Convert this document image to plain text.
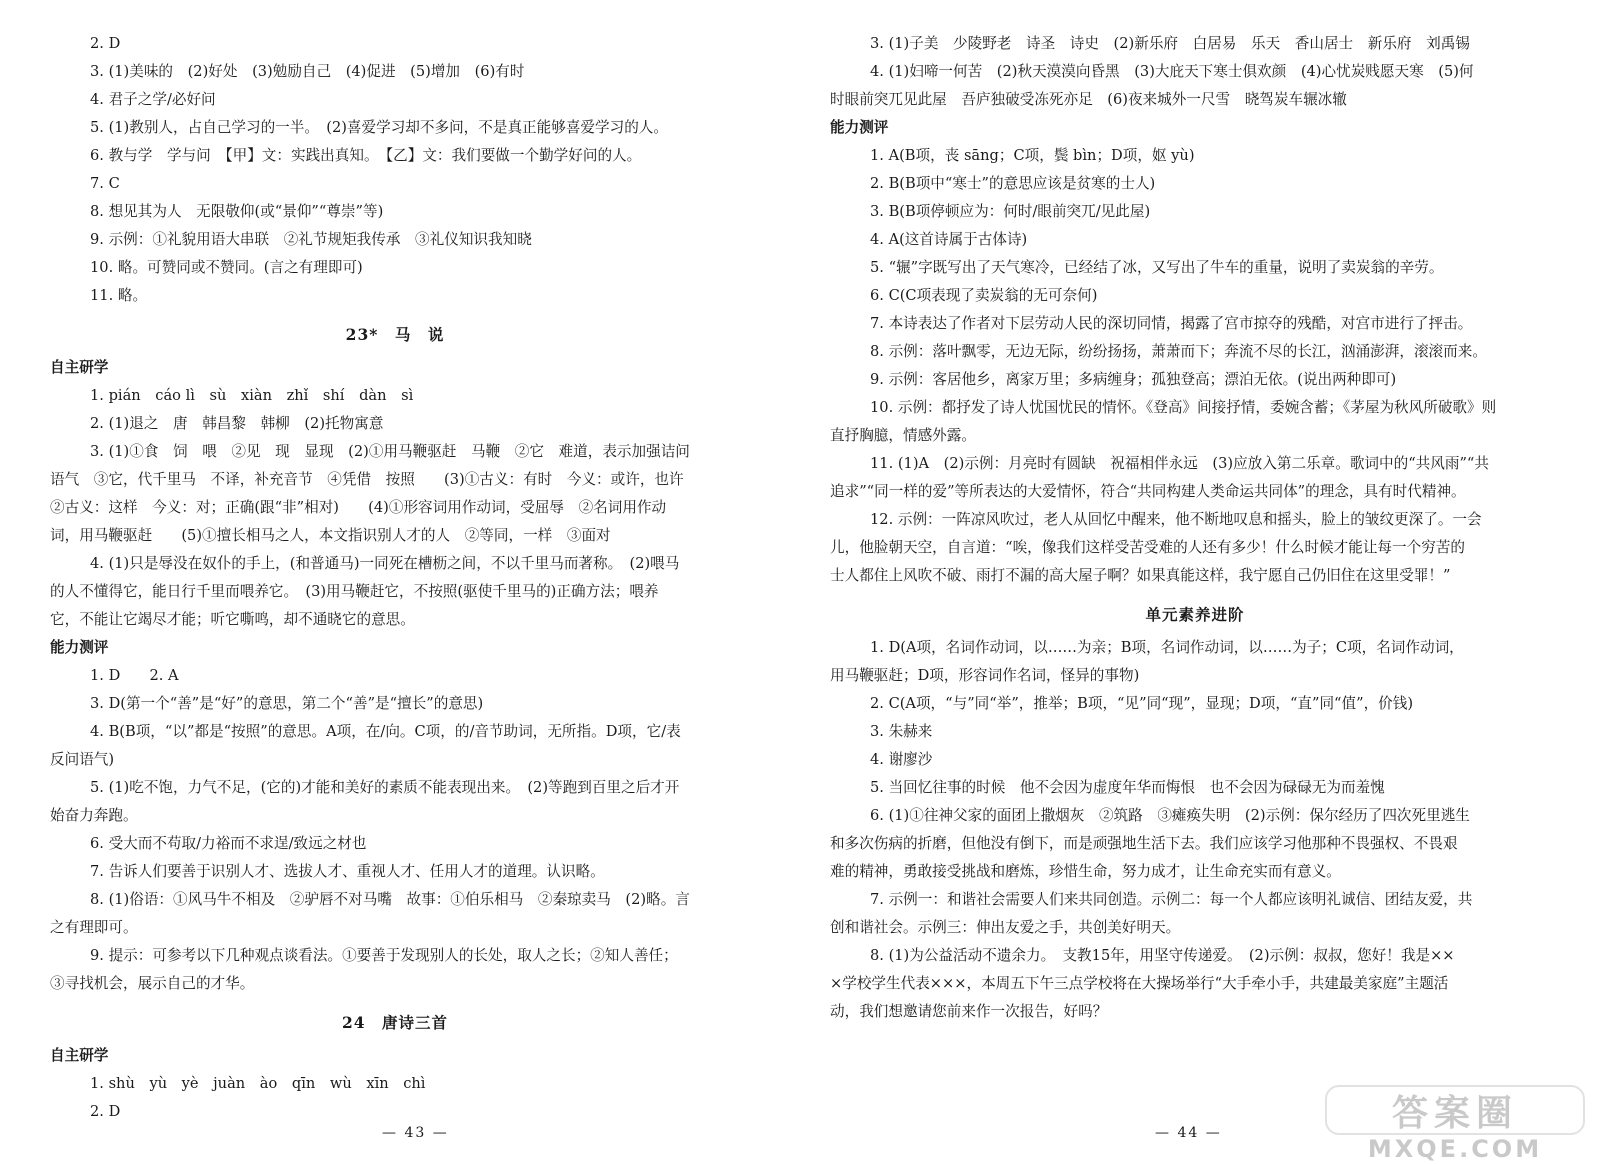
2. D
3. (1)美味的　(2)好处　(3)勉励自己　(4)促进　(5)增加　(6)有时
4. 君子之学/必好问
5. (1)教别人，占自己学习的一半。　(2)喜爱学习却不多问，不是真正能够喜爱学习的人。
6. 教与学　学与问　【甲】文：实践出真知。　【乙】文：我们要做一个勤学好问的人。
7. C
8. 想见其为人　无限敬仰(或“景仰”“尊崇”等)
9. 示例：①礼貌用语大串联　②礼节规矩我传承　③礼仪知识我知晓
10. 略。可赞同或不赞同。(言之有理即可)
11. 略。
23*　马　说
自主研学
1. pián　cáo lì　sù　xiàn　zhǐ　shí　dàn　sì
2. (1)退之　唐　韩昌黎　韩柳　(2)托物寓意
3. (1)①食　饲　喂　②见　现　显现　(2)①用马鞭驱赶　马鞭　②它　难道，表示加强诘问
语气　③它，代千里马　不译，补充音节　④凭借　按照　　(3)①古义：有时　今义：或许，也许
②古义：这样　今义：对；正确(跟“非”相对)　　(4)①形容词用作动词，受屈辱　②名词用作动
词，用马鞭驱赶　　(5)①擅长相马之人，本文指识别人才的人　②等同，一样　③面对
4. (1)只是辱没在奴仆的手上，(和普通马)一同死在槽枥之间，不以千里马而著称。　(2)喂马
的人不懂得它，能日行千里而喂养它。　(3)用马鞭赶它，不按照(驱使千里马的)正确方法；喂养
它，不能让它竭尽才能；听它嘶鸣，却不通晓它的意思。
能力测评
1. D　　2. A
3. D(第一个“善”是“好”的意思，第二个“善”是“擅长”的意思)
4. B(B项，“以”都是“按照”的意思。A项，在/向。C项，的/音节助词，无所指。D项，它/表
反问语气)
5. (1)吃不饱，力气不足，(它的)才能和美好的素质不能表现出来。　(2)等跑到百里之后才开
始奋力奔跑。
6. 受大而不苟取/力裕而不求逞/致远之材也
7. 告诉人们要善于识别人才、选拔人才、重视人才、任用人才的道理。认识略。
8. (1)俗语：①风马牛不相及　②驴唇不对马嘴　故事：①伯乐相马　②秦琼卖马　(2)略。言
之有理即可。
9. 提示：可参考以下几种观点谈看法。①要善于发现别人的长处，取人之长；②知人善任；
③寻找机会，展示自己的才华。
24　唐诗三首
自主研学
1. shù　yù　yè　juàn　ào　qīn　wù　xīn　chì
2. D
3. (1)子美　少陵野老　诗圣　诗史　(2)新乐府　白居易　乐天　香山居士　新乐府　刘禹锡
4. (1)妇啼一何苦　(2)秋天漠漠向昏黑　(3)大庇天下寒士俱欢颜　(4)心忧炭贱愿天寒　(5)何
时眼前突兀见此屋　吾庐独破受冻死亦足　(6)夜来城外一尺雪　晓驾炭车辗冰辙
能力测评
1. A(B项，丧 sāng；C项，鬓 bìn；D项，妪 yù)
2. B(B项中“寒士”的意思应该是贫寒的士人)
3. B(B项停顿应为：何时/眼前突兀/见此屋)
4. A(这首诗属于古体诗)
5. “辗”字既写出了天气寒冷，已经结了冰，又写出了牛车的重量，说明了卖炭翁的辛劳。
6. C(C项表现了卖炭翁的无可奈何)
7. 本诗表达了作者对下层劳动人民的深切同情，揭露了宫市掠夺的残酷，对宫市进行了抨击。
8. 示例：落叶飘零，无边无际，纷纷扬扬，萧萧而下；奔流不尽的长江，汹涌澎湃，滚滚而来。
9. 示例：客居他乡，离家万里；多病缠身；孤独登高；漂泊无依。(说出两种即可)
10. 示例：都抒发了诗人忧国忧民的情怀。《登高》间接抒情，委婉含蓄；《茅屋为秋风所破歌》则
直抒胸臆，情感外露。
11. (1)A　(2)示例：月亮时有圆缺　祝福相伴永远　(3)应放入第二乐章。歌词中的“共风雨”“共
追求”“同一样的爱”等所表达的大爱情怀，符合“共同构建人类命运共同体”的理念，具有时代精神。
12. 示例：一阵凉风吹过，老人从回忆中醒来，他不断地叹息和摇头，脸上的皱纹更深了。一会
儿，他脸朝天空，自言道：“唉，像我们这样受苦受难的人还有多少！什么时候才能让每一个穷苦的
士人都住上风吹不破、雨打不漏的高大屋子啊？如果真能这样，我宁愿自己仍旧住在这里受罪！”
单元素养进阶
1. D(A项，名词作动词，以……为亲；B项，名词作动词，以……为子；C项，名词作动词，
用马鞭驱赶；D项，形容词作名词，怪异的事物)
2. C(A项，“与”同“举”，推举；B项，“见”同“现”，显现；D项，“直”同“值”，价钱)
3. 朱赫来
4. 谢廖沙
5. 当回忆往事的时候　他不会因为虚度年华而悔恨　也不会因为碌碌无为而羞愧
6. (1)①往神父家的面团上撒烟灰　②筑路　③瘫痪失明　(2)示例：保尔经历了四次死里逃生
和多次伤病的折磨，但他没有倒下，而是顽强地生活下去。我们应该学习他那种不畏强权、不畏艰
难的精神，勇敢接受挑战和磨炼，珍惜生命，努力成才，让生命充实而有意义。
7. 示例一：和谐社会需要人们来共同创造。示例二：每一个人都应该明礼诚信、团结友爱，共
创和谐社会。示例三：伸出友爱之手，共创美好明天。
8. (1)为公益活动不遗余力。　支教15年，用坚守传递爱。　(2)示例：叔叔，您好！我是××
×学校学生代表×××，本周五下午三点学校将在大操场举行“大手牵小手，共建最美家庭”主题活
动，我们想邀请您前来作一次报告，好吗？
— 43 —	— 44 —	答案圈
MXQE.COM
